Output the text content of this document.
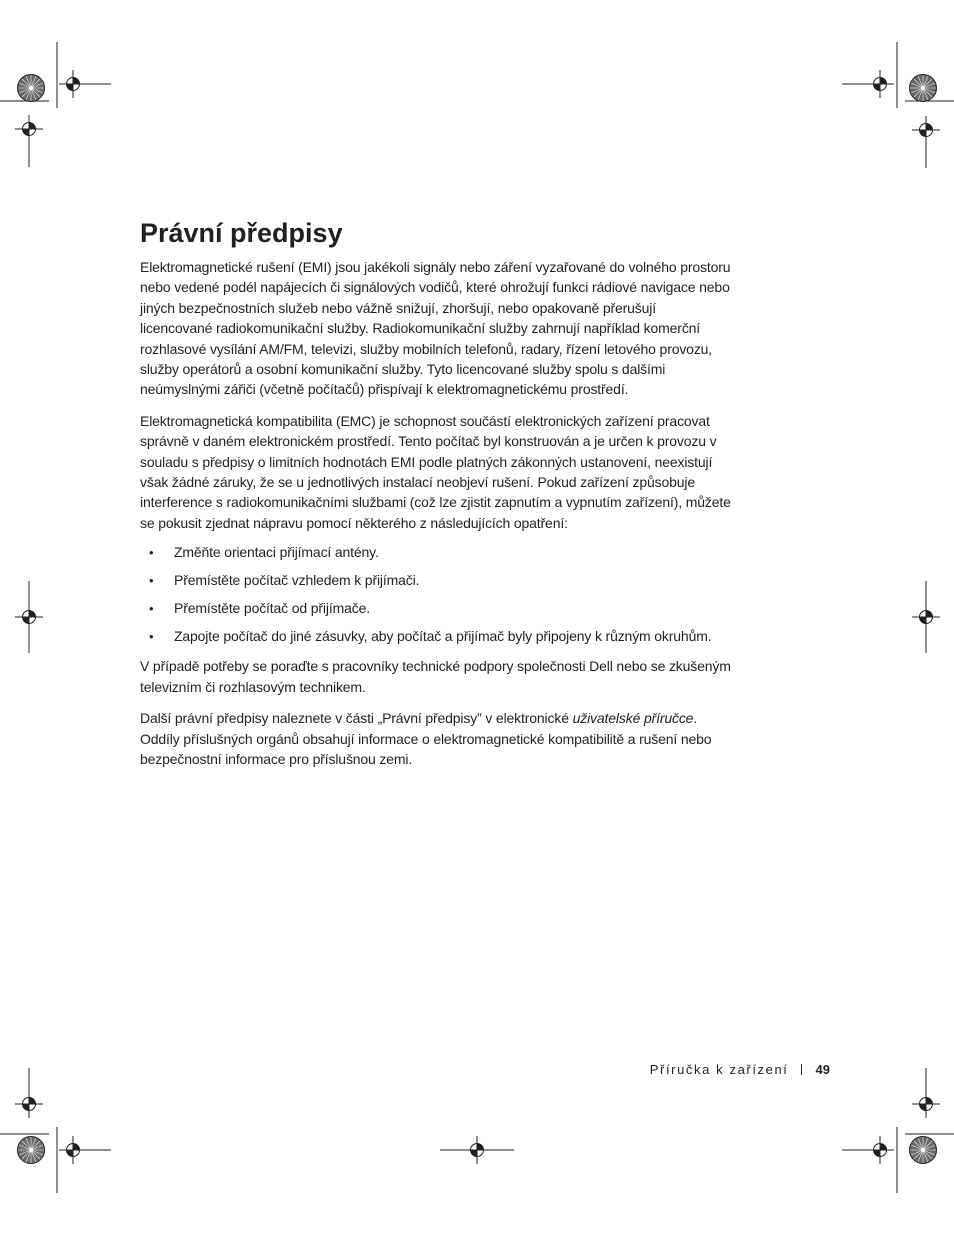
Právní předpisy

Elektromagnetické rušení (EMI) jsou jakékoli signály nebo záření vyzařované do volného prostoru nebo vedené podél napájecích či signálových vodičů, které ohrožují funkci rádiové navigace nebo jiných bezpečnostních služeb nebo vážně snižují, zhoršují, nebo opakovaně přerušují licencované radiokomunikační služby. Radiokomunikační služby zahrnují například komerční rozhlasové vysílání AM/FM, televizi, služby mobilních telefonů, radary, řízení letového provozu, služby operátorů a osobní komunikační služby. Tyto licencované služby spolu s dalšími neúmyslnými zářiči (včetně počítačů) přispívají k elektromagnetickému prostředí.

Elektromagnetická kompatibilita (EMC) je schopnost součástí elektronických zařízení pracovat správně v daném elektronickém prostředí. Tento počítač byl konstruován a je určen k provozu v souladu s předpisy o limitních hodnotách EMI podle platných zákonných ustanovení, neexistují však žádné záruky, že se u jednotlivých instalací neobjeví rušení. Pokud zařízení způsobuje interference s radiokomunikačními službami (což lze zjistit zapnutím a vypnutím zařízení), můžete se pokusit zjednat nápravu pomocí některého z následujících opatření:

• Změňte orientaci přijímací antény.
• Přemístěte počítač vzhledem k přijímači.
• Přemístěte počítač od přijímače.
• Zapojte počítač do jiné zásuvky, aby počítač a přijímač byly připojeny k různým okruhům.

V případě potřeby se poraďte s pracovníky technické podpory společnosti Dell nebo se zkušeným televizním či rozhlasovým technikem.

Další právní předpisy naleznete v části „Právní předpisy” v elektronické uživatelské příručce. Oddíly příslušných orgánů obsahují informace o elektromagnetické kompatibilitě a rušení nebo bezpečnostní informace pro příslušnou zemi.

Příručka k zařízení 49
